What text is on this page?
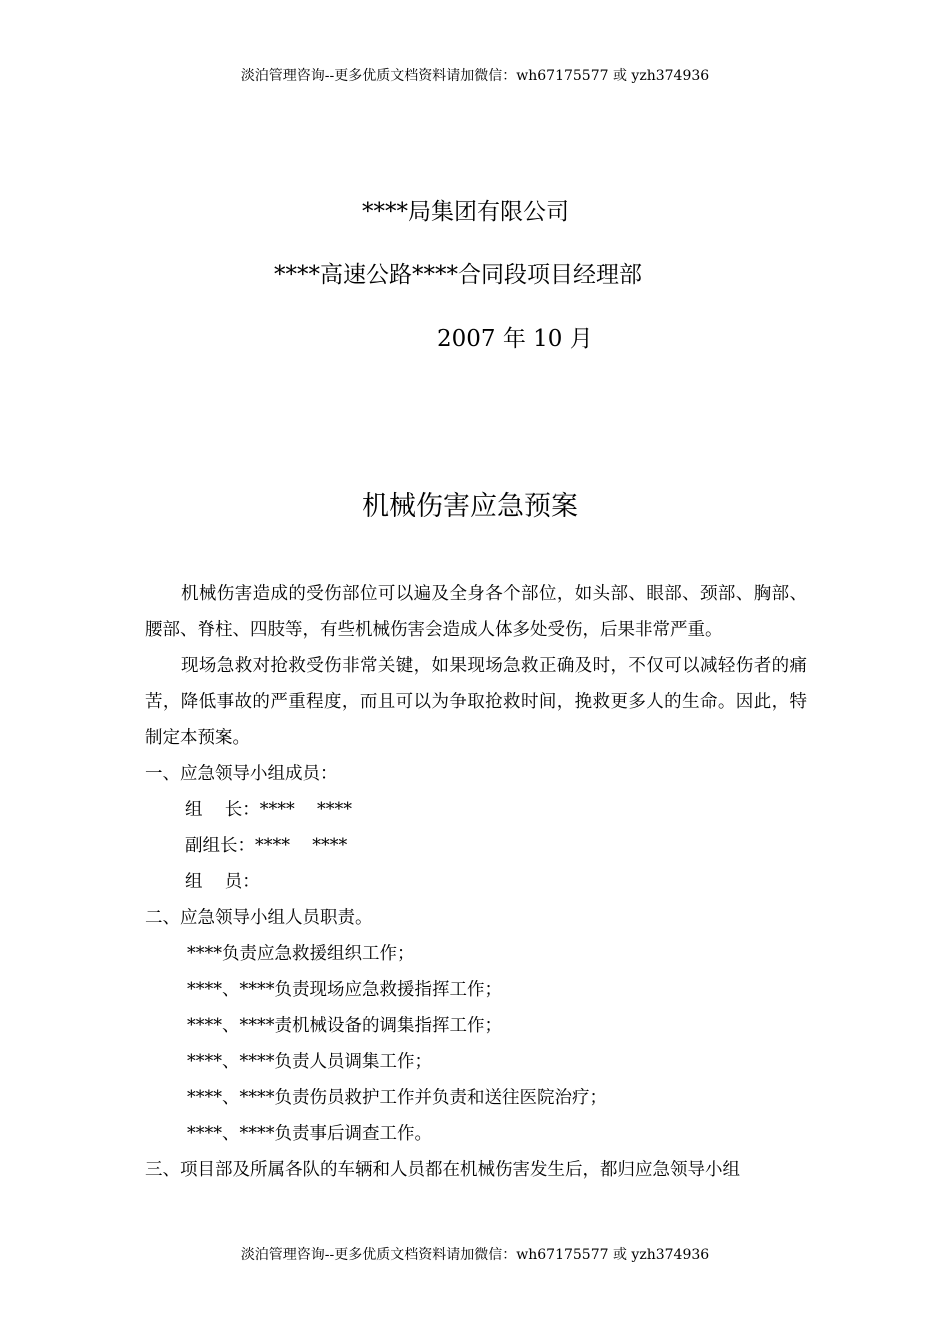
淡泊管理咨询--更多优质文档资料请加微信：wh67175577 或 yzh374936
****局集团有限公司
****高速公路****合同段项目经理部
2007 年 10 月
机械伤害应急预案

机械伤害造成的受伤部位可以遍及全身各个部位，如头部、眼部、颈部、胸部、腰部、脊柱、四肢等，有些机械伤害会造成人体多处受伤，后果非常严重。

现场急救对抢救受伤非常关键，如果现场急救正确及时，不仅可以减轻伤者的痛苦，降低事故的严重程度，而且可以为争取抢救时间，挽救更多人的生命。因此，特制定本预案。

一、应急领导小组成员：

组    长：****    ****

副组长：****    ****

组    员：

二、应急领导小组人员职责。

****负责应急救援组织工作；

****、****负责现场应急救援指挥工作；

****、****责机械设备的调集指挥工作；

****、****负责人员调集工作；

****、****负责伤员救护工作并负责和送往医院治疗；

****、****负责事后调查工作。

三、项目部及所属各队的车辆和人员都在机械伤害发生后，都归应急领导小组

淡泊管理咨询--更多优质文档资料请加微信：wh67175577 或 yzh374936
